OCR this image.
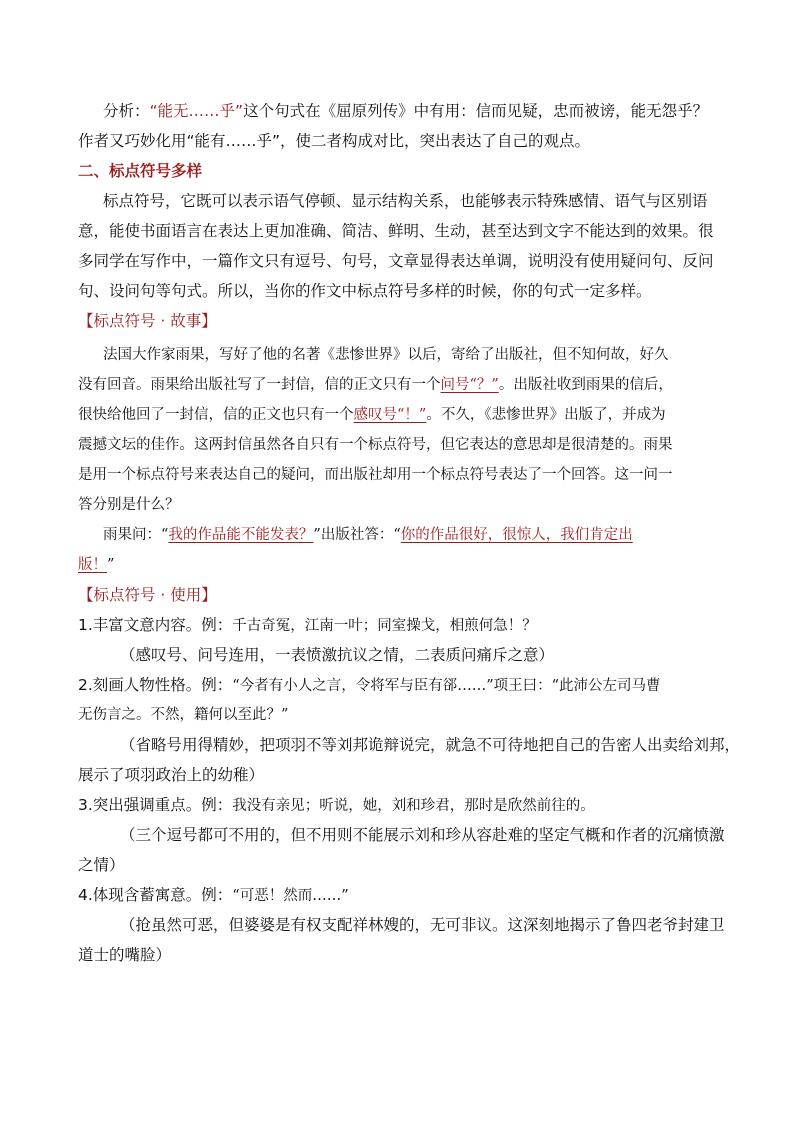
分析：“能无……乎”这个句式在《屈原列传》中有用：信而见疑，忠而被谤，能无怨乎？
作者又巧妙化用“能有……乎”，使二者构成对比，突出表达了自己的观点。
二、标点符号多样
标点符号，它既可以表示语气停顿、显示结构关系，也能够表示特殊感情、语气与区别语
意，能使书面语言在表达上更加准确、简洁、鲜明、生动，甚至达到文字不能达到的效果。很
多同学在写作中，一篇作文只有逗号、句号，文章显得表达单调，说明没有使用疑问句、反问
句、设问句等句式。所以，当你的作文中标点符号多样的时候，你的句式一定多样。
【标点符号 · 故事】
法国大作家雨果，写好了他的名著《悲惨世界》以后，寄给了出版社，但不知何故，好久
没有回音。雨果给出版社写了一封信，信的正文只有一个问号“？”。出版社收到雨果的信后，
很快给他回了一封信，信的正文也只有一个感叹号“！”。不久，《悲惨世界》出版了，并成为
震撼文坛的佳作。这两封信虽然各自只有一个标点符号，但它表达的意思却是很清楚的。雨果
是用一个标点符号来表达自己的疑问，而出版社却用一个标点符号表达了一个回答。这一问一
答分别是什么？
雨果问：“我的作品能不能发表？”出版社答：“你的作品很好，很惊人，我们肯定出
版！”
【标点符号 · 使用】
1.丰富文意内容。例：千古奇冤，江南一叶；同室操戈，相煎何急！？
（感叹号、问号连用，一表愤激抗议之情，二表质问痛斥之意）
2.刻画人物性格。例：“今者有小人之言，令将军与臣有郤……”项王曰：“此沛公左司马曹
无伤言之。不然，籍何以至此？”
（省略号用得精妙，把项羽不等刘邦诡辩说完，就急不可待地把自己的告密人出卖给刘邦，
展示了项羽政治上的幼稚）
3.突出强调重点。例：我没有亲见；听说，她，刘和珍君，那时是欣然前往的。
（三个逗号都可不用的，但不用则不能展示刘和珍从容赴难的坚定气概和作者的沉痛愤激
之情）
4.体现含蓄寓意。例：“可恶！然而……”
（抢虽然可恶，但婆婆是有权支配祥林嫂的，无可非议。这深刻地揭示了鲁四老爷封建卫
道士的嘴脸）
